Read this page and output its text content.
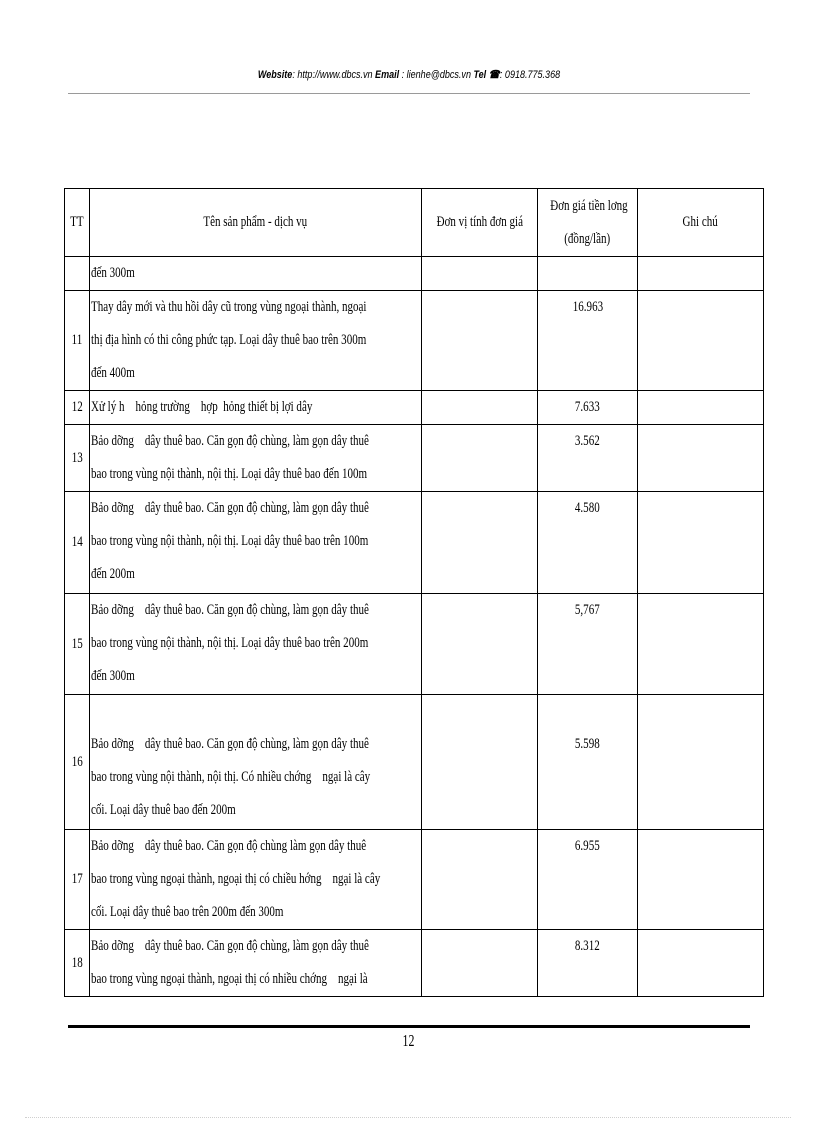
Website: http://www.dbcs.vn Email : lienhe@dbcs.vn Tel ☎: 0918.775.368
TT	Tên sản phẩm - dịch vụ	Đơn vị tính đơn giá	Đơn giá tiền lơng
(đồng/lần)	Ghi chú

	đến 300m			

11	Thay dây mới và thu hồi dây cũ trong vùng ngoại thành, ngoại
thị địa hình có thi công phức tạp. Loại dây thuê bao trên 300m
đến 400m		16.963	
12	Xử lý h    hỏng trường    hợp  hỏng thiết bị lợi dây		7.633	
13	Bảo dỡng    dây thuê bao. Căn gọn độ chùng, làm gọn dây thuê
bao trong vùng nội thành, nội thị. Loại dây thuê bao đến 100m		3.562	
14	Bảo dỡng    dây thuê bao. Căn gọn độ chùng, làm gọn dây thuê
bao trong vùng nội thành, nội thị. Loại dây thuê bao trên 100m
đến 200m		4.580	
15	Bảo dỡng    dây thuê bao. Căn gọn độ chùng, làm gọn dây thuê
bao trong vùng nội thành, nội thị. Loại dây thuê bao trên 200m
đến 300m		5,767	
16	Bảo dỡng    dây thuê bao. Căn gọn độ chùng, làm gọn dây thuê
bao trong vùng nội thành, nội thị. Có nhiều chớng    ngại là cây
cối. Loại dây thuê bao đến 200m		5.598	
17	Bảo dỡng    dây thuê bao. Căn gọn độ chùng làm gọn dây thuê
bao trong vùng ngoại thành, ngoại thị có chiều hớng    ngại là cây
cối. Loại dây thuê bao trên 200m đến 300m		6.955	
18	Bảo dỡng    dây thuê bao. Căn gọn độ chùng, làm gọn dây thuê
bao trong vùng ngoại thành, ngoại thị có nhiều chớng    ngại là		8.312	
12
